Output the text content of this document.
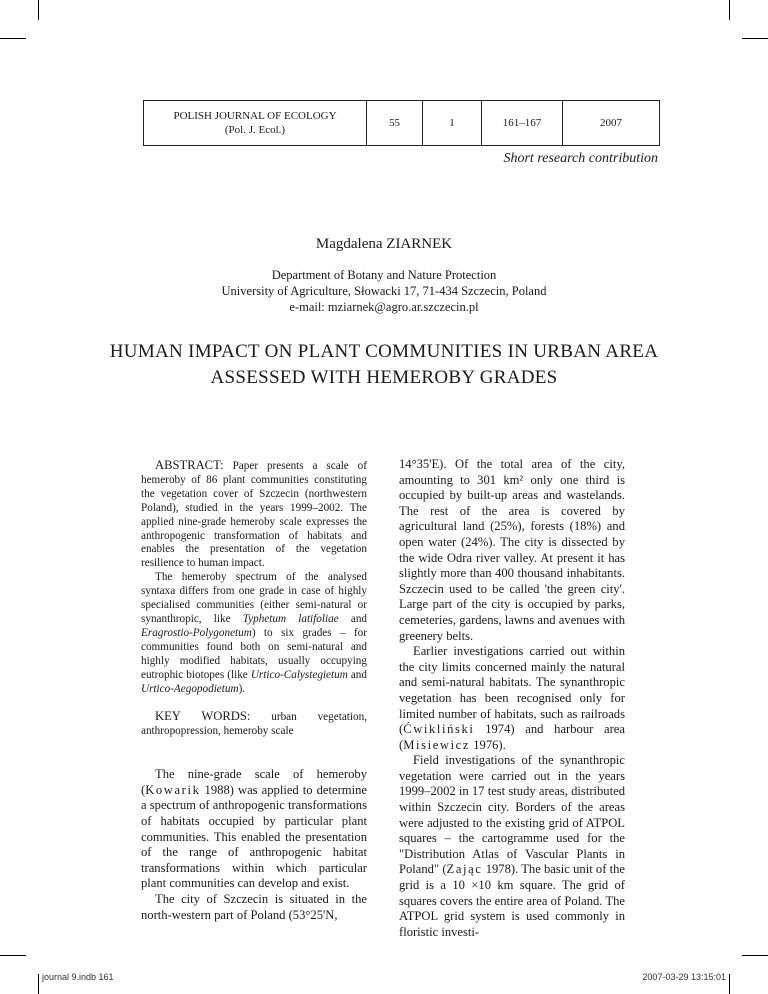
POLISH JOURNAL OF ECOLOGY
(Pol. J. Ecol.)
55	1	161–167	2007
Short research contribution
Magdalena ZIARNEK
Department of Botany and Nature Protection
University of Agriculture, Słowacki 17, 71-434 Szczecin, Poland
e-mail: mziarnek@agro.ar.szczecin.pl
HUMAN IMPACT ON PLANT COMMUNITIES IN URBAN AREA
ASSESSED WITH HEMEROBY GRADES

ABSTRACT: Paper presents a scale of hemeroby of 86 plant communities constituting the vegetation cover of Szczecin (northwestern Poland), studied in the years 1999–2002. The applied nine-grade hemeroby scale expresses the anthropogenic transformation of habitats and enables the presentation of the vegetation resilience to human impact.

The hemeroby spectrum of the analysed syntaxa differs from one grade in case of highly specialised communities (either semi-natural or synanthropic, like Typhetum latifoliae and Eragrostio-Polygonetum) to six grades – for communities found both on semi-natural and highly modified habitats, usually occupying eutrophic biotopes (like Urtico-Calystegietum and Urtico-Aegopodietum).

KEY WORDS: urban vegetation, anthropopression, hemeroby scale

The nine-grade scale of hemeroby (Kowarik 1988) was applied to determine a spectrum of anthropogenic transformations of habitats occupied by particular plant communities. This enabled the presentation of the range of anthropogenic habitat transformations within which particular plant communities can develop and exist.

The city of Szczecin is situated in the north-western part of Poland (53°25'N,

14°35'E). Of the total area of the city, amounting to 301 km² only one third is occupied by built-up areas and wastelands. The rest of the area is covered by agricultural land (25%), forests (18%) and open water (24%). The city is dissected by the wide Odra river valley. At present it has slightly more than 400 thousand inhabitants. Szczecin used to be called 'the green city'. Large part of the city is occupied by parks, cemeteries, gardens, lawns and avenues with greenery belts.

Earlier investigations carried out within the city limits concerned mainly the natural and semi-natural habitats. The synanthropic vegetation has been recognised only for limited number of habitats, such as railroads (Ćwikliński 1974) and harbour area (Misiewicz 1976).

Field investigations of the synanthropic vegetation were carried out in the years 1999–2002 in 17 test study areas, distributed within Szczecin city. Borders of the areas were adjusted to the existing grid of ATPOL squares – the cartogramme used for the "Distribution Atlas of Vascular Plants in Poland" (Zając 1978). The basic unit of the grid is a 10 ×10 km square. The grid of squares covers the entire area of Poland. The ATPOL grid system is used commonly in floristic investi-

journal 9.indb 161	2007-03-29 13:15:01
